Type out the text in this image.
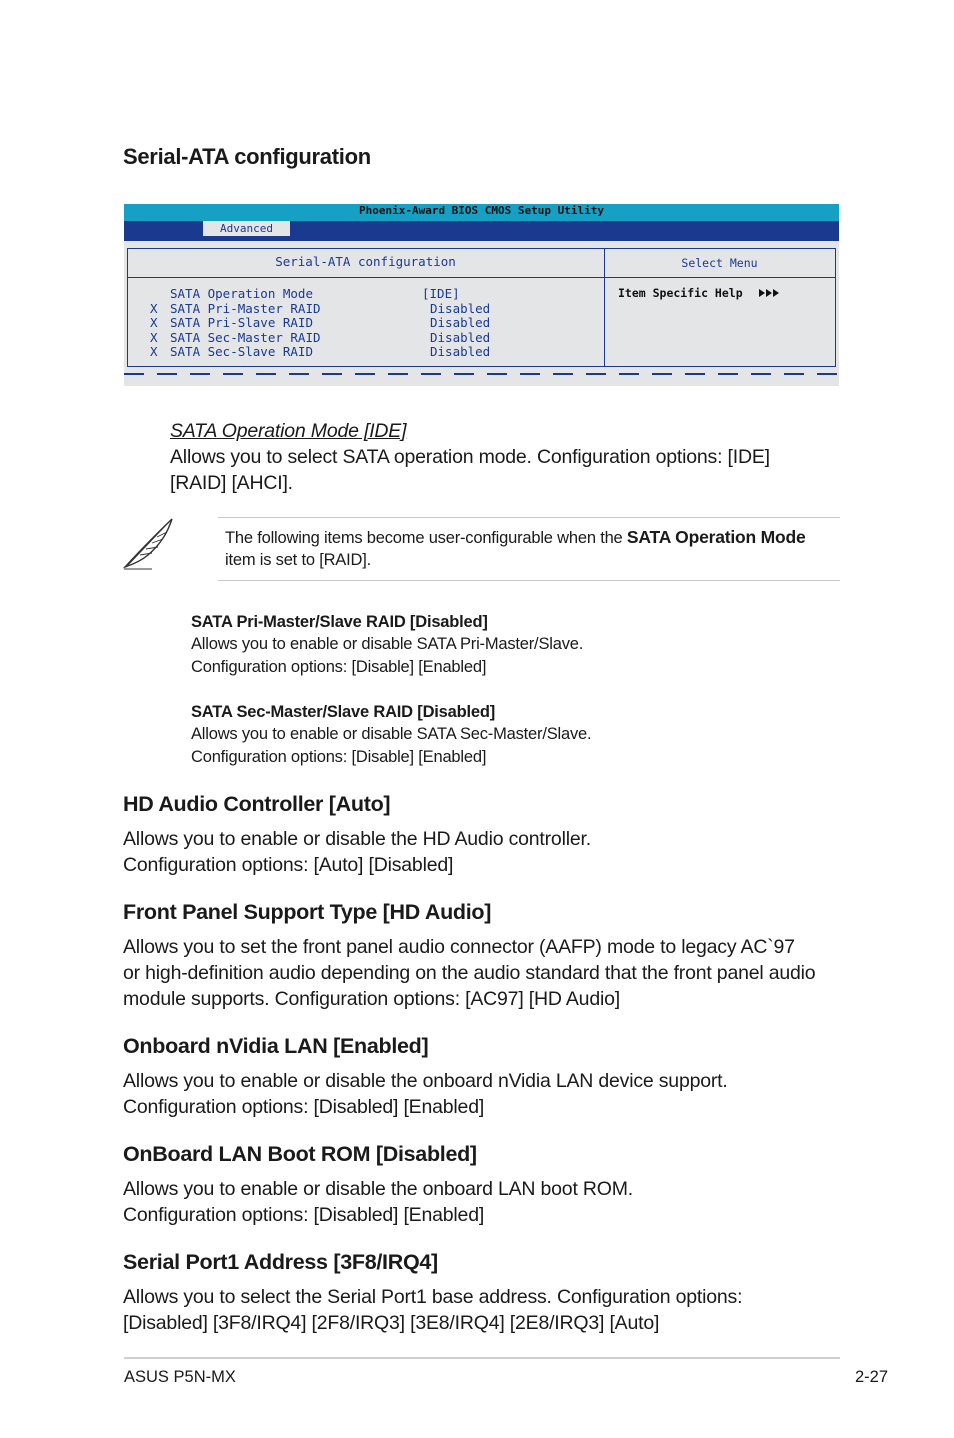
Serial-ATA configuration
Phoenix-Award BIOS CMOS Setup Utility
Advanced
Serial-ATA configuration	Select Menu
SATA Operation Mode	[IDE]
X SATA Pri-Master RAID	Disabled
X SATA Pri-Slave RAID	Disabled
X SATA Sec-Master RAID	Disabled
X SATA Sec-Slave RAID	Disabled
Item Specific Help
SATA Operation Mode [IDE]
Allows you to select SATA operation mode. Configuration options: [IDE]
[RAID] [AHCI].
The following items become user-configurable when the SATA Operation Mode
item is set to [RAID].
SATA Pri-Master/Slave RAID [Disabled]
Allows you to enable or disable SATA Pri-Master/Slave.
Configuration options: [Disable] [Enabled]
SATA Sec-Master/Slave RAID [Disabled]
Allows you to enable or disable SATA Sec-Master/Slave.
Configuration options: [Disable] [Enabled]
HD Audio Controller [Auto]
Allows you to enable or disable the HD Audio controller.
Configuration options: [Auto] [Disabled]
Front Panel Support Type [HD Audio]
Allows you to set the front panel audio connector (AAFP) mode to legacy AC`97
or high-definition audio depending on the audio standard that the front panel audio
module supports. Configuration options: [AC97] [HD Audio]
Onboard nVidia LAN [Enabled]
Allows you to enable or disable the onboard nVidia LAN device support.
Configuration options: [Disabled] [Enabled]
OnBoard LAN Boot ROM [Disabled]
Allows you to enable or disable the onboard LAN boot ROM.
Configuration options: [Disabled] [Enabled]
Serial Port1 Address [3F8/IRQ4]
Allows you to select the Serial Port1 base address. Configuration options:
[Disabled] [3F8/IRQ4] [2F8/IRQ3] [3E8/IRQ4] [2E8/IRQ3] [Auto]
ASUS P5N-MX	2-27
